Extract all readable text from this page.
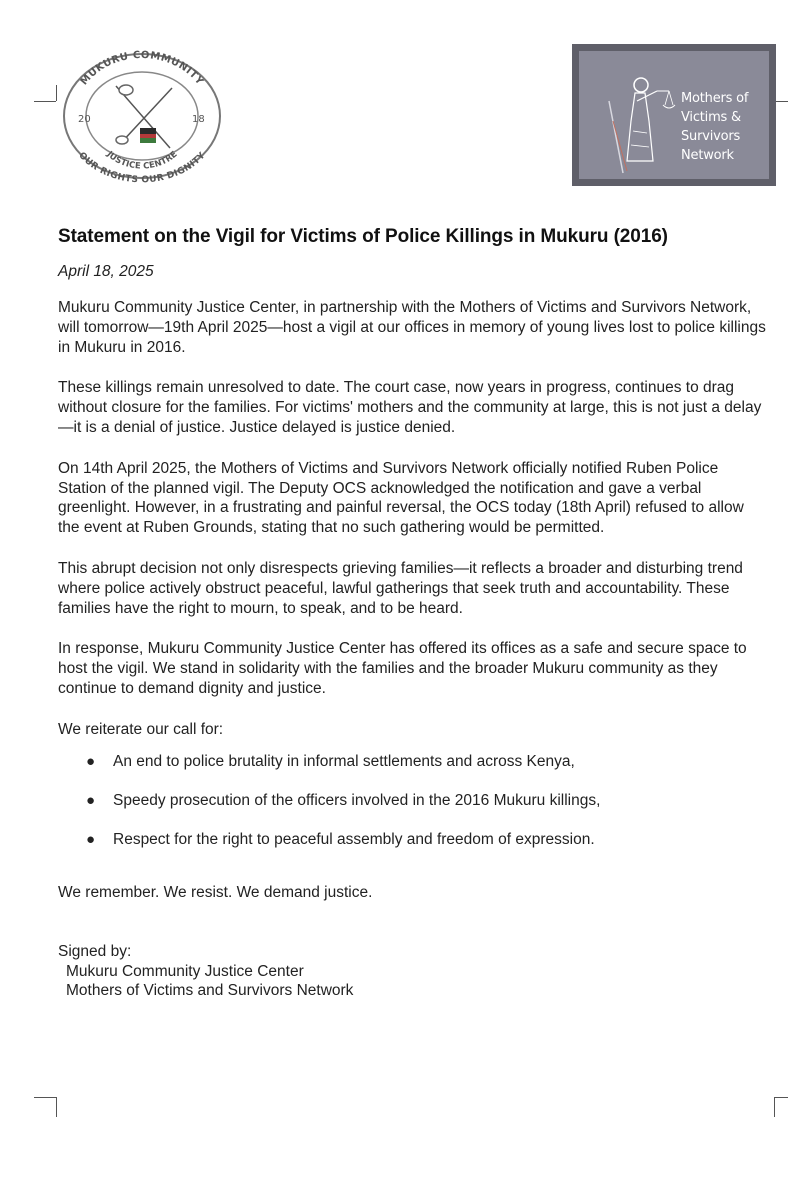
MUKURU COMMUNITY
20	18
JUSTICE CENTRE
OUR RIGHTS OUR DIGNITY
Mothers of
Victims &
Survivors
Network
Statement on the Vigil for Victims of Police Killings in Mukuru (2016)
April 18, 2025

Mukuru Community Justice Center, in partnership with the Mothers of Victims and Survivors Network, will tomorrow—19th April 2025—host a vigil at our offices in memory of young lives lost to police killings in Mukuru in 2016.

These killings remain unresolved to date. The court case, now years in progress, continues to drag without closure for the families. For victims' mothers and the community at large, this is not just a delay—it is a denial of justice. Justice delayed is justice denied.

On 14th April 2025, the Mothers of Victims and Survivors Network officially notified Ruben Police Station of the planned vigil. The Deputy OCS acknowledged the notification and gave a verbal greenlight. However, in a frustrating and painful reversal, the OCS today (18th April) refused to allow the event at Ruben Grounds, stating that no such gathering would be permitted.

This abrupt decision not only disrespects grieving families—it reflects a broader and disturbing trend where police actively obstruct peaceful, lawful gatherings that seek truth and accountability. These families have the right to mourn, to speak, and to be heard.

In response, Mukuru Community Justice Center has offered its offices as a safe and secure space to host the vigil. We stand in solidarity with the families and the broader Mukuru community as they continue to demand dignity and justice.

We reiterate our call for:

● An end to police brutality in informal settlements and across Kenya,
● Speedy prosecution of the officers involved in the 2016 Mukuru killings,
● Respect for the right to peaceful assembly and freedom of expression.

We remember. We resist. We demand justice.

Signed by:
Mukuru Community Justice Center
Mothers of Victims and Survivors Network
